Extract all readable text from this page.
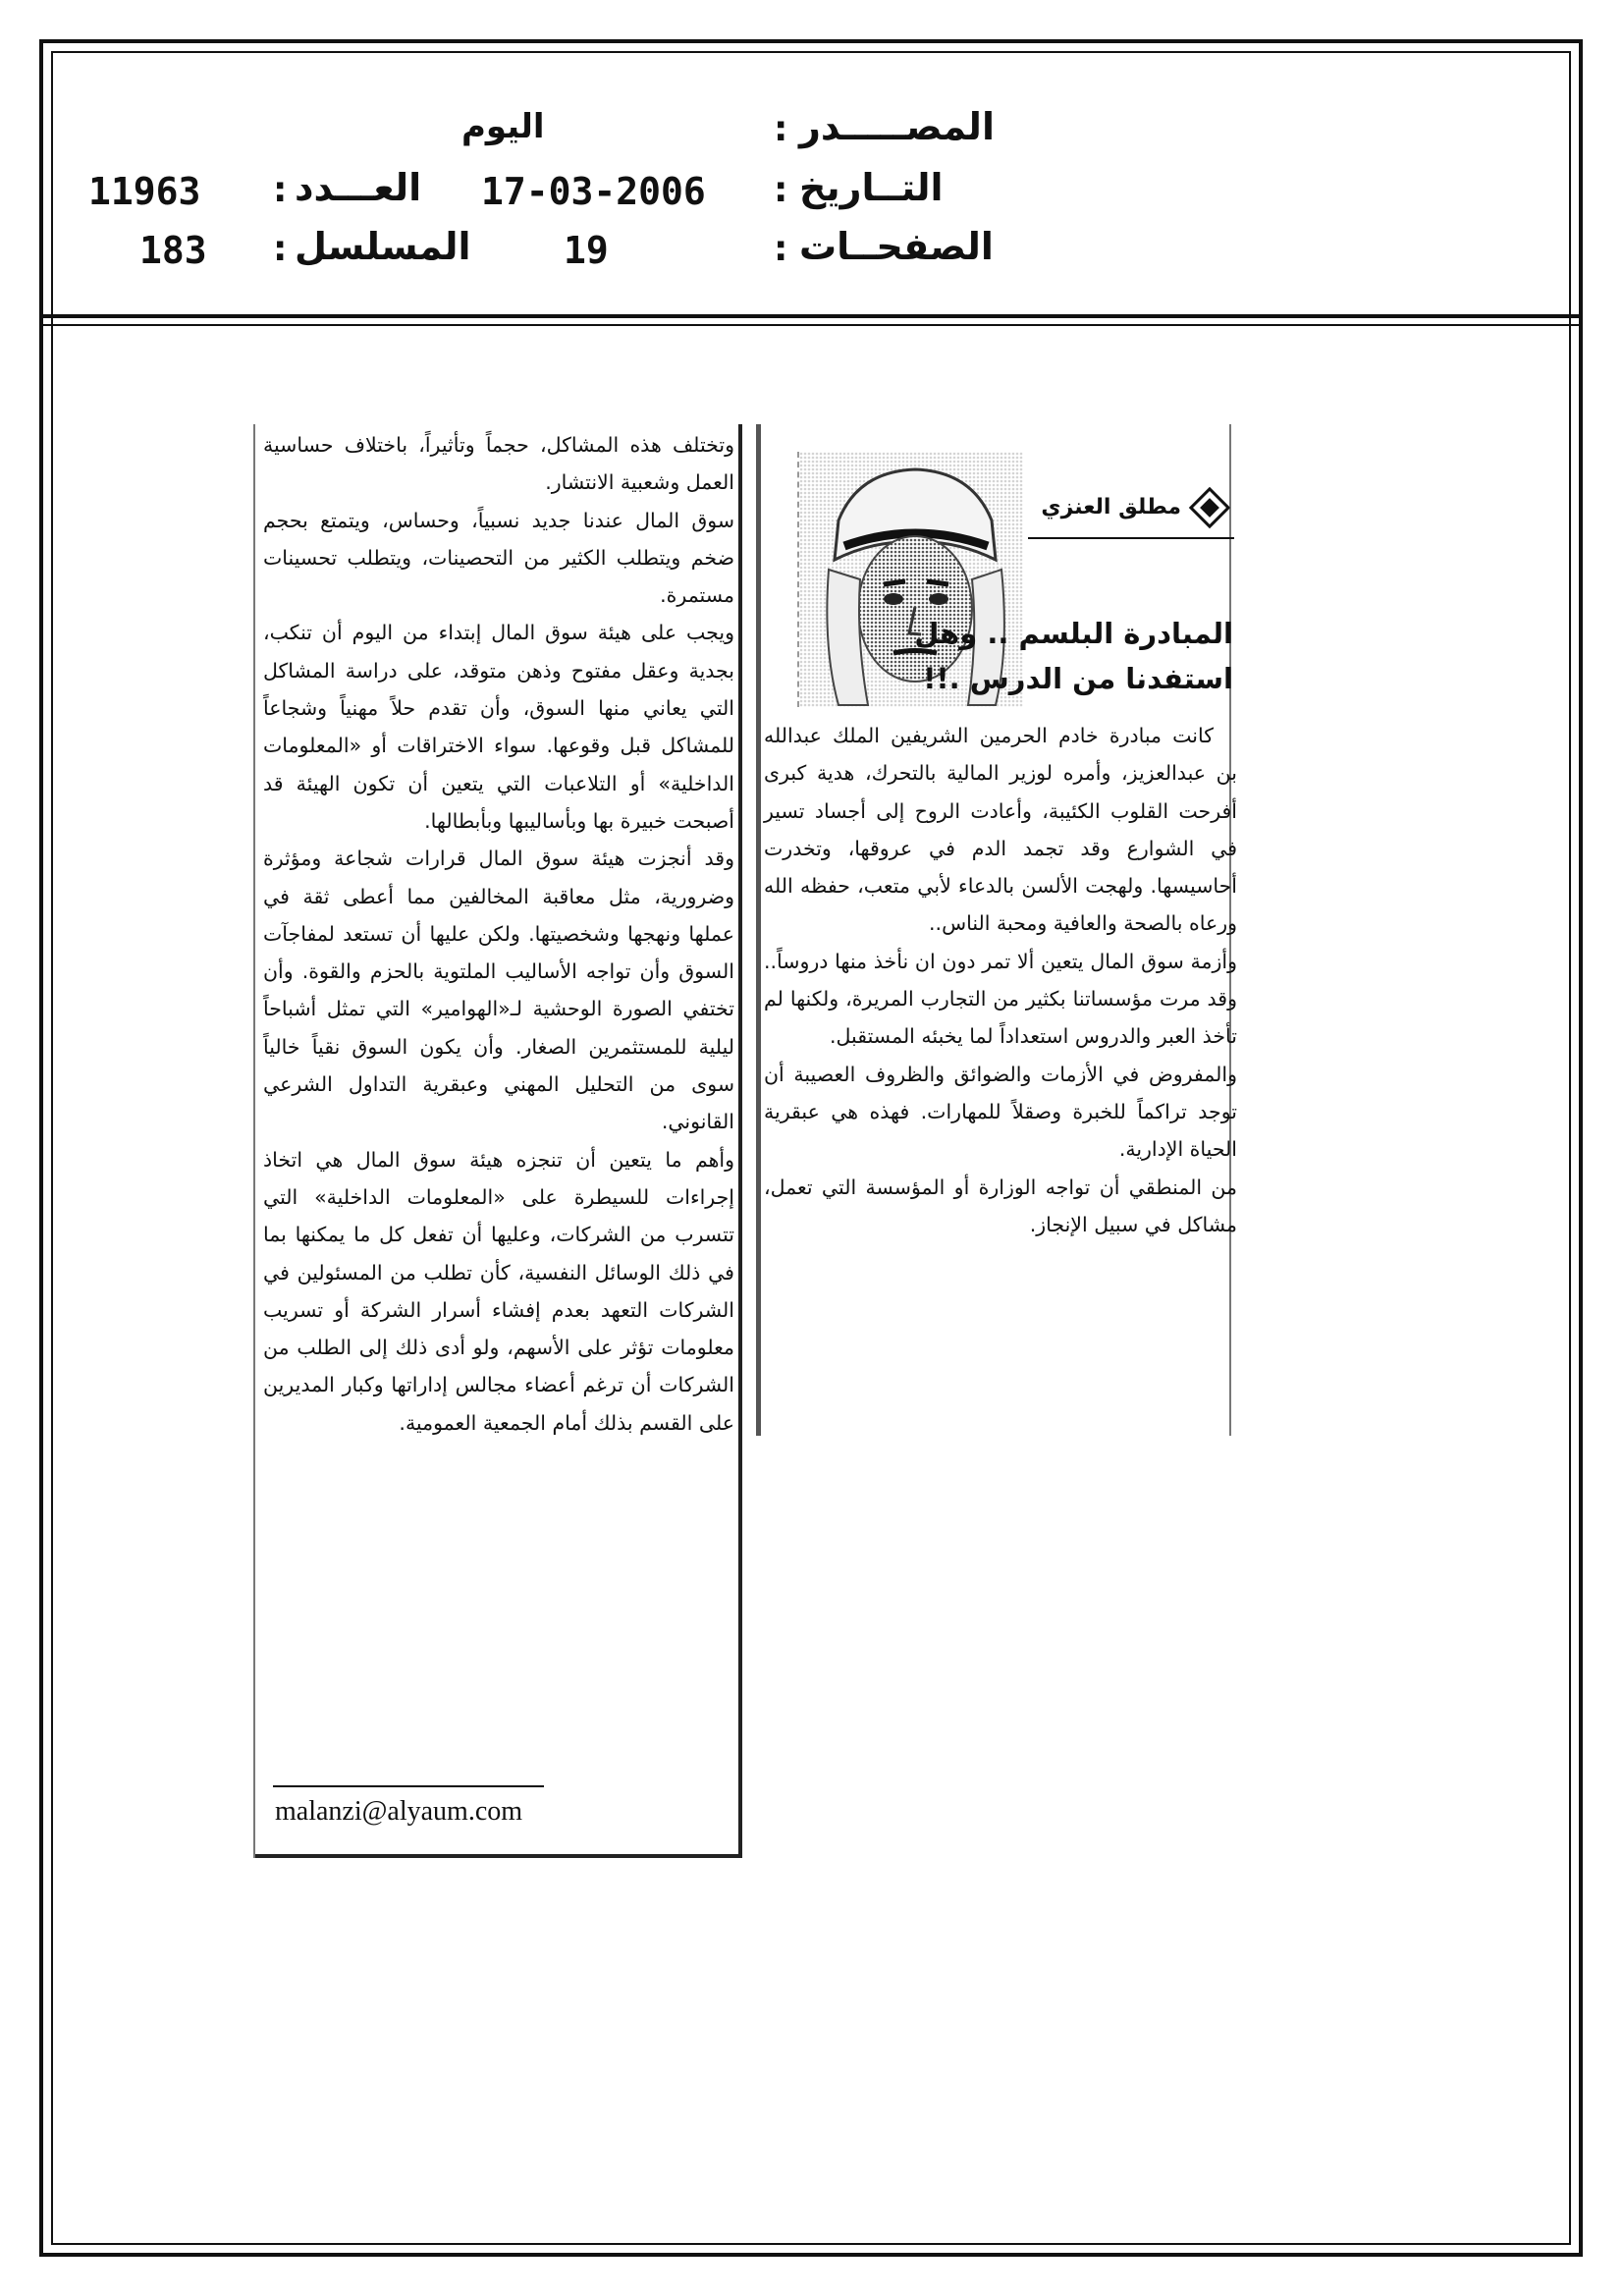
المصـــــدر
:
اليوم
التــاريخ
:
17-03-2006
العـــدد
:
11963
الصفحــات
:
19
المسلسل
:
183
مطلق العنزي
المبادرة البلسم .. وهل
استفدنا من الدرس .!!

كانت مبادرة خادم الحرمين الشريفين الملك عبدالله بن عبدالعزيز، وأمره لوزير المالية بالتحرك، هدية كبرى أفرحت القلوب الكئيبة، وأعادت الروح إلى أجساد تسير في الشوارع وقد تجمد الدم في عروقها، وتخدرت أحاسيسها. ولهجت الألسن بالدعاء لأبي متعب، حفظه الله ورعاه بالصحة والعافية ومحبة الناس..

وأزمة سوق المال يتعين ألا تمر دون ان نأخذ منها دروساً.. وقد مرت مؤسساتنا بكثير من التجارب المريرة، ولكنها لم تأخذ العبر والدروس استعداداً لما يخبئه المستقبل.

والمفروض في الأزمات والضوائق والظروف العصيبة أن توجد تراكماً للخبرة وصقلاً للمهارات. فهذه هي عبقرية الحياة الإدارية.

من المنطقي أن تواجه الوزارة أو المؤسسة التي تعمل، مشاكل في سبيل الإنجاز.

وتختلف هذه المشاكل، حجماً وتأثيراً، باختلاف حساسية العمل وشعبية الانتشار.

سوق المال عندنا جديد نسبياً، وحساس، ويتمتع بحجم ضخم ويتطلب الكثير من التحصينات، ويتطلب تحسينات مستمرة.

ويجب على هيئة سوق المال إبتداء من اليوم أن تنكب، بجدية وعقل مفتوح وذهن متوقد، على دراسة المشاكل التي يعاني منها السوق، وأن تقدم حلاً مهنياً وشجاعاً للمشاكل قبل وقوعها. سواء الاختراقات أو «المعلومات الداخلية» أو التلاعبات التي يتعين أن تكون الهيئة قد أصبحت خبيرة بها وبأساليبها وبأبطالها.

وقد أنجزت هيئة سوق المال قرارات شجاعة ومؤثرة وضرورية، مثل معاقبة المخالفين مما أعطى ثقة في عملها ونهجها وشخصيتها. ولكن عليها أن تستعد لمفاجآت السوق وأن تواجه الأساليب الملتوية بالحزم والقوة. وأن تختفي الصورة الوحشية لـ«الهوامير» التي تمثل أشباحاً ليلية للمستثمرين الصغار. وأن يكون السوق نقياً خالياً سوى من التحليل المهني وعبقرية التداول الشرعي القانوني.

وأهم ما يتعين أن تنجزه هيئة سوق المال هي اتخاذ إجراءات للسيطرة على «المعلومات الداخلية» التي تتسرب من الشركات، وعليها أن تفعل كل ما يمكنها بما في ذلك الوسائل النفسية، كأن تطلب من المسئولين في الشركات التعهد بعدم إفشاء أسرار الشركة أو تسريب معلومات تؤثر على الأسهم، ولو أدى ذلك إلى الطلب من الشركات أن ترغم أعضاء مجالس إداراتها وكبار المديرين على القسم بذلك أمام الجمعية العمومية.

malanzi@alyaum.com
